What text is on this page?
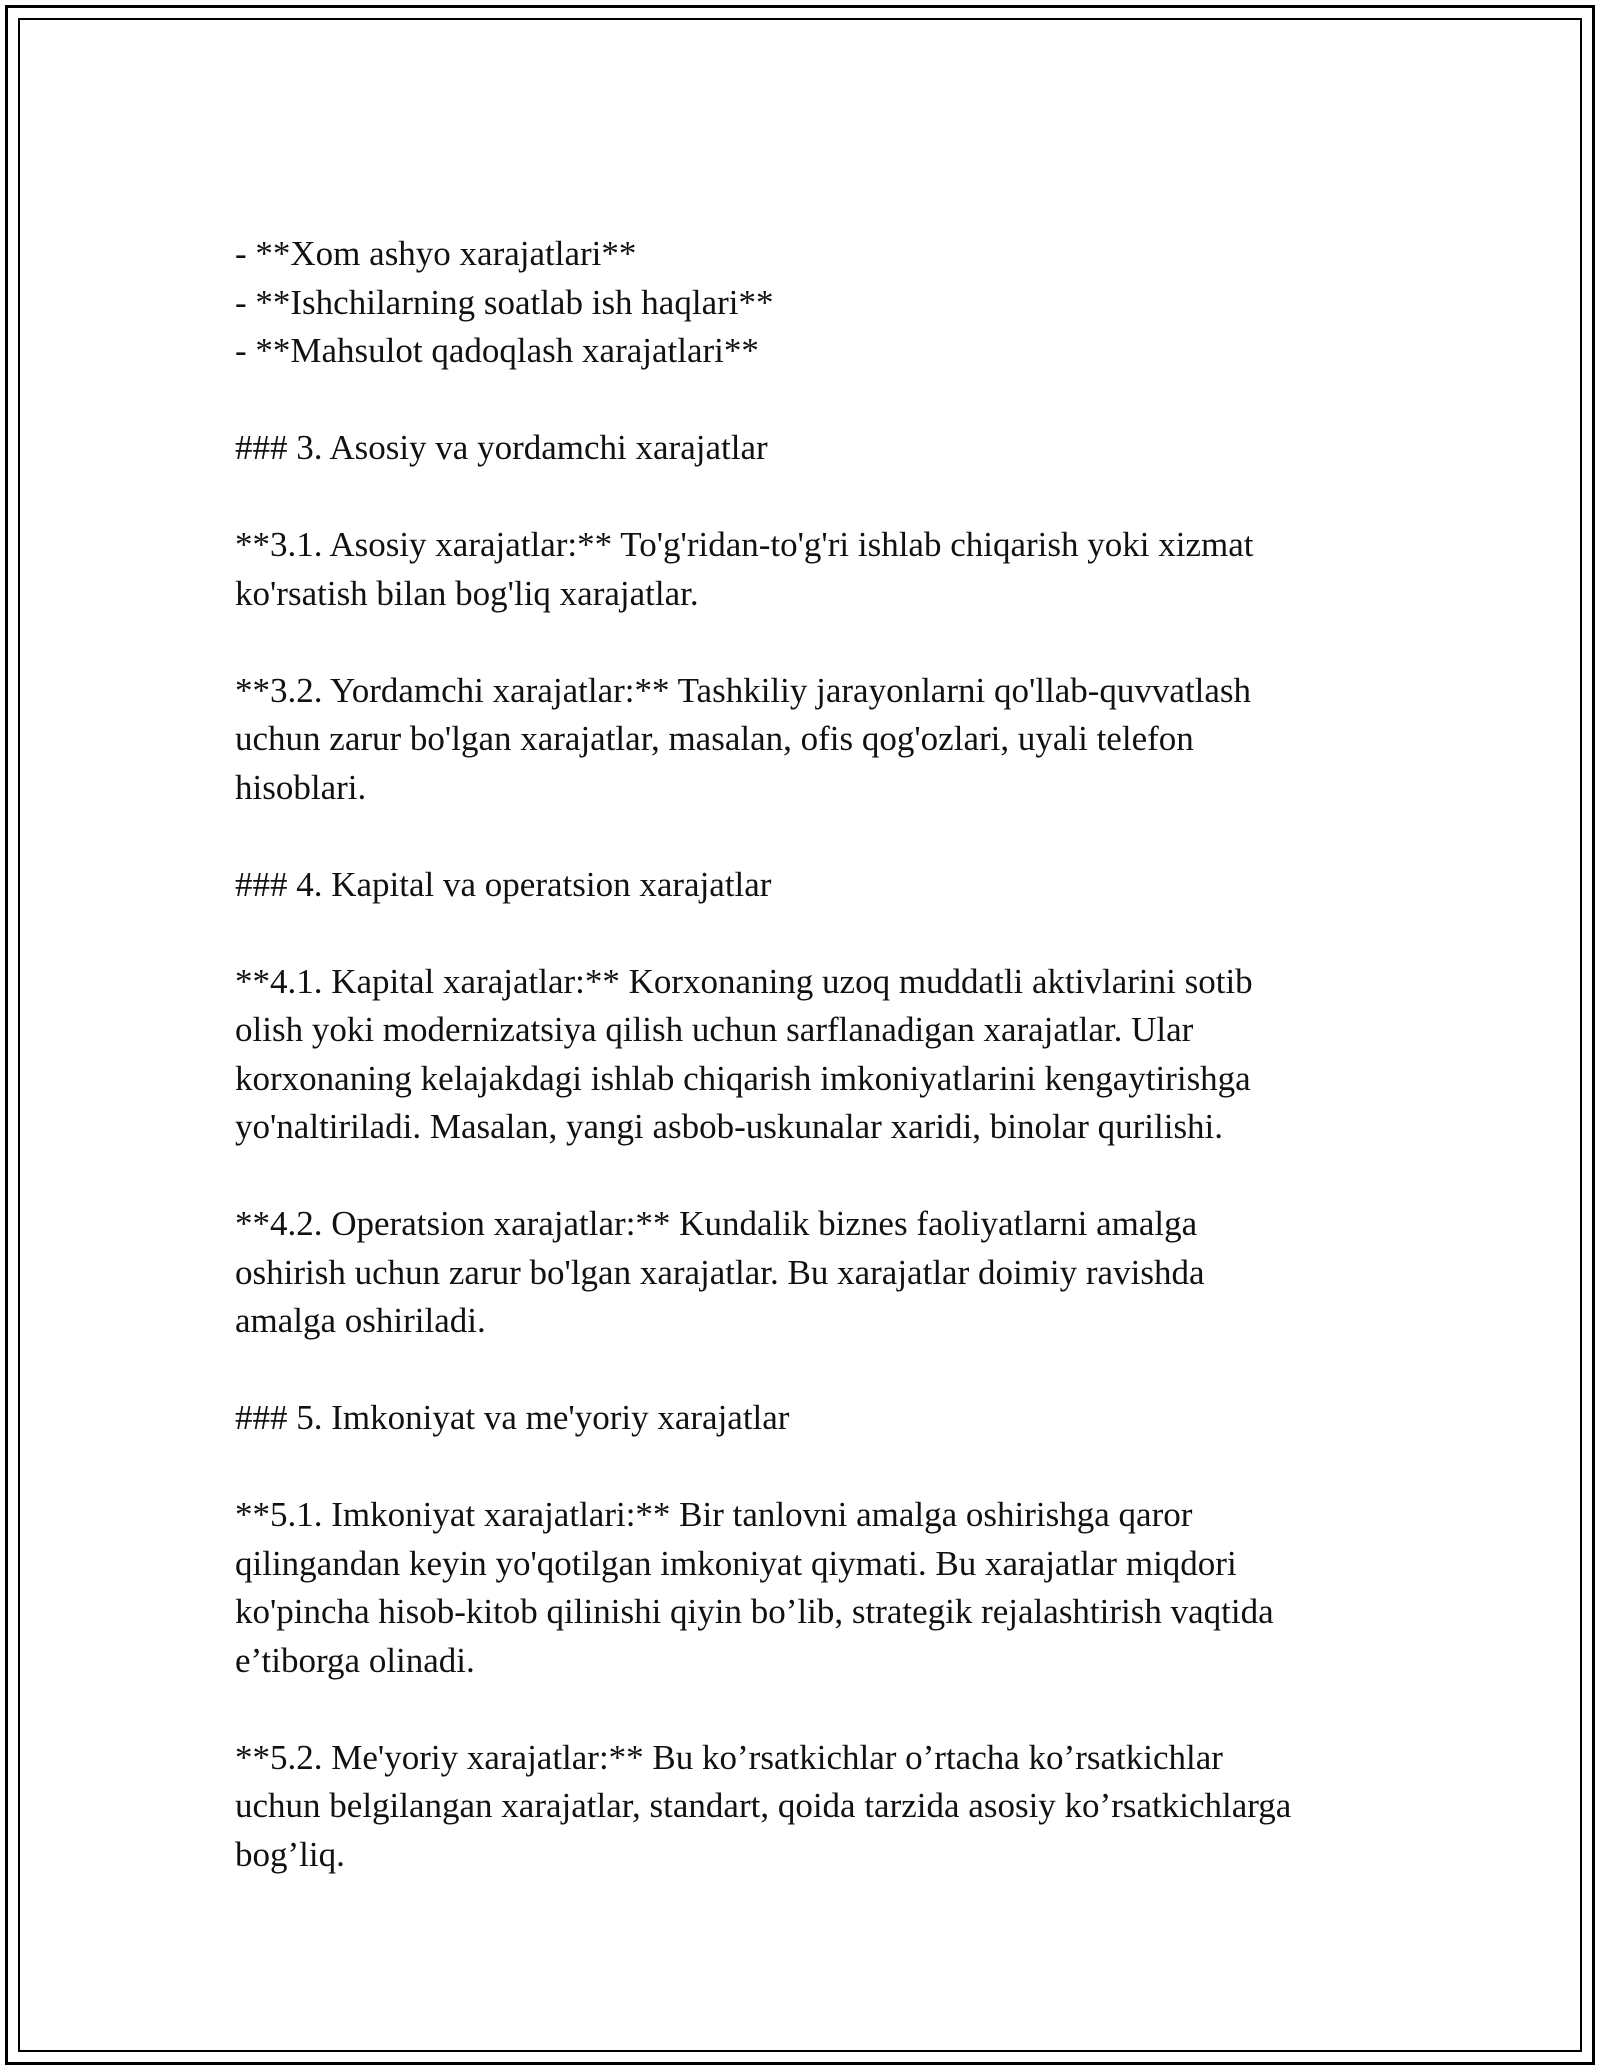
- **Xom ashyo xarajatlari**
- **Ishchilarning soatlab ish haqlari**
- **Mahsulot qadoqlash xarajatlari**
### 3. Asosiy va yordamchi xarajatlar
**3.1. Asosiy xarajatlar:** To'g'ridan-to'g'ri ishlab chiqarish yoki xizmat
ko'rsatish bilan bog'liq xarajatlar.
**3.2. Yordamchi xarajatlar:** Tashkiliy jarayonlarni qo'llab-quvvatlash
uchun zarur bo'lgan xarajatlar, masalan, ofis qog'ozlari, uyali telefon
hisoblari.
### 4. Kapital va operatsion xarajatlar
**4.1. Kapital xarajatlar:** Korxonaning uzoq muddatli aktivlarini sotib
olish yoki modernizatsiya qilish uchun sarflanadigan xarajatlar. Ular
korxonaning kelajakdagi ishlab chiqarish imkoniyatlarini kengaytirishga
yo'naltiriladi. Masalan, yangi asbob-uskunalar xaridi, binolar qurilishi.
**4.2. Operatsion xarajatlar:** Kundalik biznes faoliyatlarni amalga
oshirish uchun zarur bo'lgan xarajatlar. Bu xarajatlar doimiy ravishda
amalga oshiriladi.
### 5. Imkoniyat va me'yoriy xarajatlar
**5.1. Imkoniyat xarajatlari:** Bir tanlovni amalga oshirishga qaror
qilingandan keyin yo'qotilgan imkoniyat qiymati. Bu xarajatlar miqdori
ko'pincha hisob-kitob qilinishi qiyin bo’lib, strategik rejalashtirish vaqtida
e’tiborga olinadi.
**5.2. Me'yoriy xarajatlar:** Bu ko’rsatkichlar o’rtacha ko’rsatkichlar
uchun belgilangan xarajatlar, standart, qoida tarzida asosiy ko’rsatkichlarga
bog’liq.
